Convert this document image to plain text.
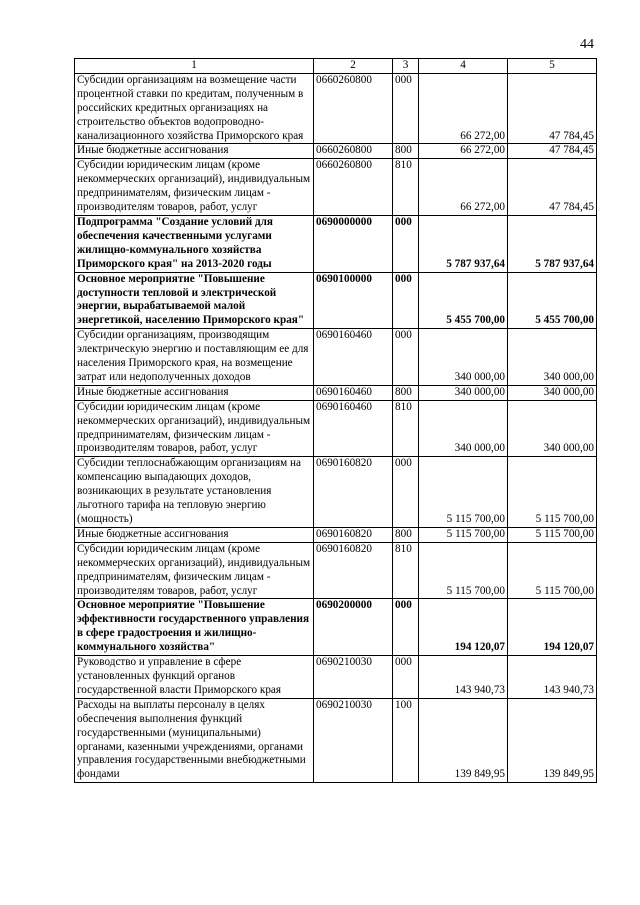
44
1	2	3	4	5
Субсидии организациям на возмещение части процентной ставки по кредитам, полученным в российских кредитных организациях на строительство объектов водопроводно-канализационного хозяйства Приморского края	0660260800	000	66 272,00	47 784,45
Иные бюджетные ассигнования	0660260800	800	66 272,00	47 784,45
Субсидии юридическим лицам (кроме некоммерческих организаций), индивидуальным предпринимателям, физическим лицам - производителям товаров, работ, услуг	0660260800	810	66 272,00	47 784,45
Подпрограмма "Создание условий для обеспечения качественными услугами жилищно-коммунального хозяйства Приморского края" на 2013-2020 годы	0690000000	000	5 787 937,64	5 787 937,64
Основное мероприятие "Повышение доступности тепловой и электрической энергии, вырабатываемой малой энергетикой, населению Приморского края"	0690100000	000	5 455 700,00	5 455 700,00
Субсидии организациям, производящим электрическую энергию и поставляющим ее для населения Приморского края, на возмещение затрат или недополученных доходов	0690160460	000	340 000,00	340 000,00
Иные бюджетные ассигнования	0690160460	800	340 000,00	340 000,00
Субсидии юридическим лицам (кроме некоммерческих организаций), индивидуальным предпринимателям, физическим лицам - производителям товаров, работ, услуг	0690160460	810	340 000,00	340 000,00
Субсидии теплоснабжающим организациям на компенсацию выпадающих доходов, возникающих в результате установления льготного тарифа на тепловую энергию (мощность)	0690160820	000	5 115 700,00	5 115 700,00
Иные бюджетные ассигнования	0690160820	800	5 115 700,00	5 115 700,00
Субсидии юридическим лицам (кроме некоммерческих организаций), индивидуальным предпринимателям, физическим лицам - производителям товаров, работ, услуг	0690160820	810	5 115 700,00	5 115 700,00
Основное мероприятие "Повышение эффективности государственного управления в сфере градостроения и жилищно-коммунального хозяйства"	0690200000	000	194 120,07	194 120,07
Руководство и управление в сфере установленных функций органов государственной власти Приморского края	0690210030	000	143 940,73	143 940,73
Расходы на выплаты персоналу в целях обеспечения выполнения функций государственными (муниципальными) органами, казенными учреждениями, органами управления государственными внебюджетными фондами	0690210030	100	139 849,95	139 849,95
